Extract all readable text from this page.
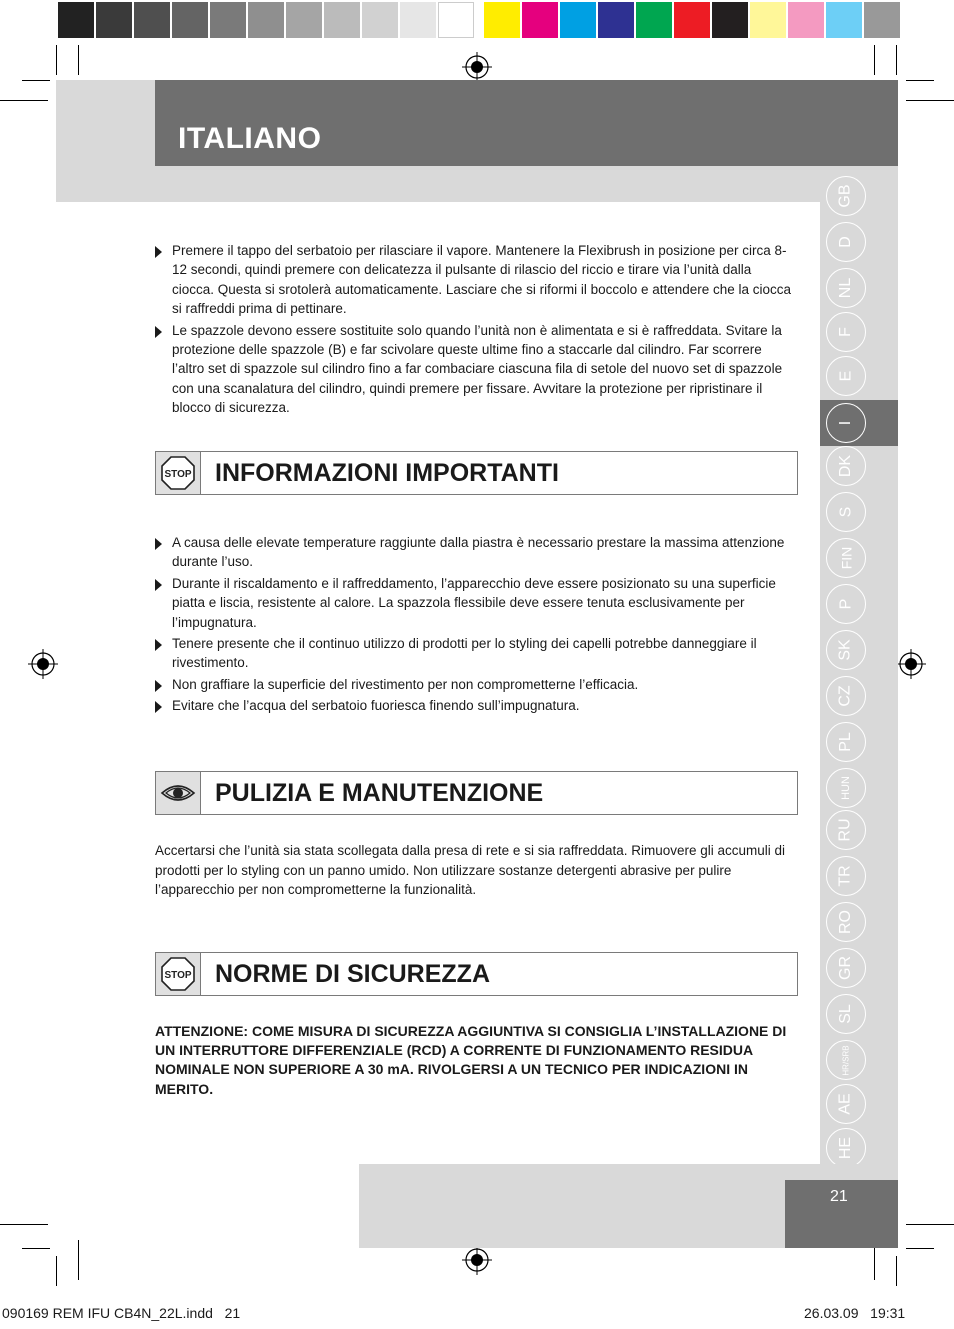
ITALIANO
GB
D
NL
F
E
I
DK
S
FIN
P
SK
CZ
PL
HUN
RU
TR
RO
GR
SL
HR/SRB
AE
HE
Premere il tappo del serbatoio per rilasciare il vapore. Mantenere la Flexibrush in posizione per circa 8-12 secondi, quindi premere con delicatezza il pulsante di rilascio del riccio e tirare via l’unità dalla ciocca. Questa si srotolerà automaticamente. Lasciare che si riformi il boccolo e attendere che la ciocca si raffreddi prima di pettinare.
Le spazzole devono essere sostituite solo quando l’unità non è alimentata e si è raffreddata. Svitare la protezione delle spazzole (B) e far scivolare queste ultime fino a staccarle dal cilindro. Far scorrere l’altro set di spazzole sul cilindro fino a far combaciare ciascuna fila di setole del nuovo set di spazzole con una scanalatura del cilindro, quindi premere per fissare. Avvitare la protezione per ripristinare il blocco di sicurezza.
STOP INFORMAZIONI IMPORTANTI
A causa delle elevate temperature raggiunte dalla piastra è necessario prestare la massima attenzione durante l’uso.
Durante il riscaldamento e il raffreddamento, l’apparecchio deve essere posizionato su una superficie piatta e liscia, resistente al calore. La spazzola flessibile deve essere tenuta esclusivamente per l’impugnatura.
Tenere presente che il continuo utilizzo di prodotti per lo styling dei capelli potrebbe danneggiare il rivestimento.
Non graffiare la superficie del rivestimento per non comprometterne l’efficacia.
Evitare che l’acqua del serbatoio fuoriesca finendo sull’impugnatura.
PULIZIA E MANUTENZIONE
Accertarsi che l’unità sia stata scollegata dalla presa di rete e si sia raffreddata. Rimuovere gli accumuli di prodotti per lo styling con un panno umido. Non utilizzare sostanze detergenti abrasive per pulire l’apparecchio per non comprometterne la funzionalità.
STOP NORME DI SICUREZZA
ATTENZIONE: COME MISURA DI SICUREZZA AGGIUNTIVA SI CONSIGLIA L’INSTALLAZIONE DI UN INTERRUTTORE DIFFERENZIALE (RCD) A CORRENTE DI FUNZIONAMENTO RESIDUA NOMINALE NON SUPERIORE A 30 mA. RIVOLGERSI A UN TECNICO PER INDICAZIONI IN MERITO.
21
090169 REM IFU CB4N_22L.indd   21	26.03.09   19:31
